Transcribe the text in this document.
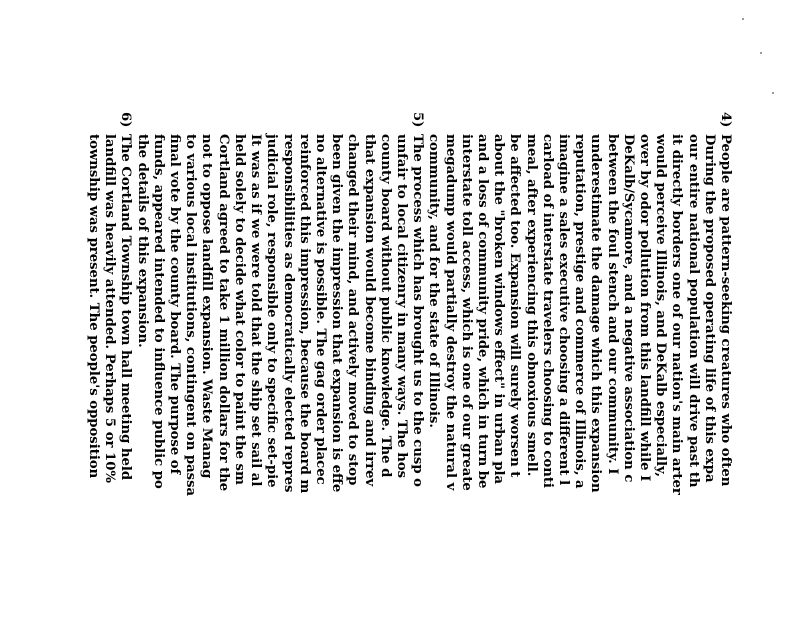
4)

People are pattern-seeking creatures who often
During the proposed operating life of this expa
our entire national population will drive past th
it directly borders one of our nation's main arter
would perceive Illinois, and DeKalb especially,
over by odor pollution from this landfill while I
DeKalb/Sycamore, and a negative association c
between the foul stench and our community. I
underestimate the damage which this expansion
reputation, prestige and commerce of Illinois, a
imagine a sales executive choosing a different l
carload of interstate travelers choosing to conti
meal, after experiencing this obnoxious smell.
be affected too. Expansion will surely worsen t
about the "broken windows effect" in urban pla
and a loss of community pride, which in turn be
interstate toll access, which is one of our greate
megadump would partially destroy the natural v
community, and for the state of Illinois.

5)

The process which has brought us to the cusp o
unfair to local citizenry in many ways. The hos
county board without public knowledge. The d
that expansion would become binding and irrev
changed their mind, and actively moved to stop
been given the impression that expansion is effe
no alternative is possible. The gag order placec
reinforced this impression, because the board m
responsibilities as democratically elected repres
judicial role, responsible only to specific set-pie
It was as if we were told that the ship set sail al
held solely to decide what color to paint the sm
Cortland agreed to take 1 million dollars for the
not to oppose landfill expansion. Waste Manag
to various local institutions, contingent on passa
final vote by the county board. The purpose of
funds, appeared intended to influence public po
the details of this expansion.

6)

The Cortland Township town hall meeting held
landfill was heavily attended. Perhaps 5 or 10%
township was present. The people's opposition
